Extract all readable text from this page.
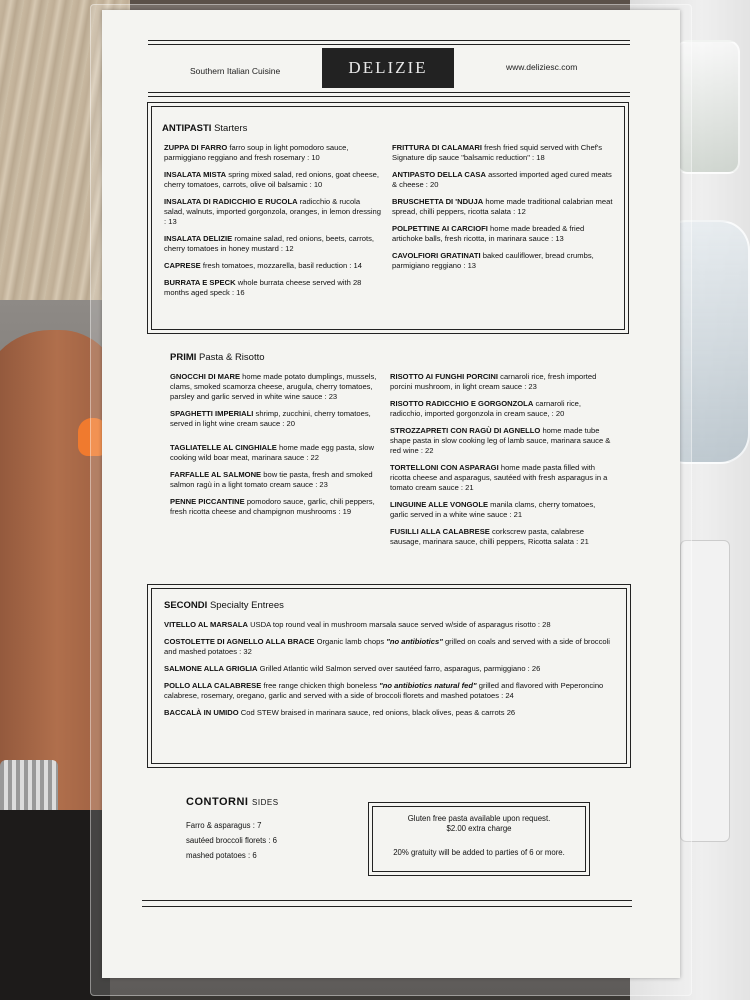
Southern Italian Cuisine	DELIZIE	www.deliziesc.com
ANTIPASTI Starters
ZUPPA DI FARRO farro soup in light pomodoro sauce, parmiggiano reggiano and fresh rosemary : 10
INSALATA MISTA spring mixed salad, red onions, goat cheese, cherry tomatoes, carrots, olive oil balsamic : 10
INSALATA DI RADICCHIO E RUCOLA radicchio & rucola salad, walnuts, imported gorgonzola, oranges, in lemon dressing : 13
INSALATA DELIZIE romaine salad, red onions, beets, carrots, cherry tomatoes in honey mustard : 12
CAPRESE fresh tomatoes, mozzarella, basil reduction : 14
BURRATA E SPECK whole burrata cheese served with 28 months aged speck : 16
FRITTURA DI CALAMARI fresh fried squid served with Chef's Signature dip sauce "balsamic reduction" : 18
ANTIPASTO DELLA CASA assorted imported aged cured meats & cheese : 20
BRUSCHETTA DI 'NDUJA home made traditional calabrian meat spread, chilli peppers, ricotta salata : 12
POLPETTINE AI CARCIOFI home made breaded & fried artichoke balls, fresh ricotta, in marinara sauce : 13
CAVOLFIORI GRATINATI baked cauliflower, bread crumbs, parmigiano reggiano : 13
PRIMI Pasta & Risotto
GNOCCHI DI MARE home made potato dumplings, mussels, clams, smoked scamorza cheese, arugula, cherry tomatoes, parsley and garlic served in white wine sauce : 23
SPAGHETTI IMPERIALI shrimp, zucchini, cherry tomatoes, served in light wine cream sauce : 20
TAGLIATELLE AL CINGHIALE home made egg pasta, slow cooking wild boar meat, marinara sauce : 22
FARFALLE AL SALMONE bow tie pasta, fresh and smoked salmon ragù in a light tomato cream sauce : 23
PENNE PICCANTINE pomodoro sauce, garlic, chili peppers, fresh ricotta cheese and champignon mushrooms : 19
RISOTTO AI FUNGHI PORCINI carnaroli rice, fresh imported porcini mushroom, in light cream sauce : 23
RISOTTO RADICCHIO E GORGONZOLA carnaroli rice, radicchio, imported gorgonzola in cream sauce, : 20
STROZZAPRETI CON RAGÙ DI AGNELLO home made tube shape pasta in slow cooking leg of lamb sauce, marinara sauce & red wine : 22
TORTELLONI CON ASPARAGI home made pasta filled with ricotta cheese and asparagus, sautéed with fresh asparagus in a tomato cream sauce : 21
LINGUINE ALLE VONGOLE manila clams, cherry tomatoes, garlic served in a white wine sauce : 21
FUSILLI ALLA CALABRESE corkscrew pasta, calabrese sausage, marinara sauce, chilli peppers, Ricotta salata : 21
SECONDI Specialty Entrees
VITELLO AL MARSALA USDA top round veal in mushroom marsala sauce served w/side of asparagus risotto : 28
COSTOLETTE DI AGNELLO ALLA BRACE Organic lamb chops "no antibiotics" grilled on coals and served with a side of broccoli and mashed potatoes : 32
SALMONE ALLA GRIGLIA Grilled Atlantic wild Salmon served over sautéed farro, asparagus, parmiggiano : 26
POLLO ALLA CALABRESE free range chicken thigh boneless "no antibiotics natural fed" grilled and flavored with Peperoncino calabrese, rosemary, oregano, garlic and served with a side of broccoli florets and mashed potatoes : 24
BACCALÀ IN UMIDO Cod STEW braised in marinara sauce, red onions, black olives, peas & carrots 26
CONTORNI SIDES
Farro & asparagus : 7
sautéed broccoli florets : 6
mashed potatoes : 6
Gluten free pasta available upon request.
$2.00 extra charge
20% gratuity will be added to parties of 6 or more.
